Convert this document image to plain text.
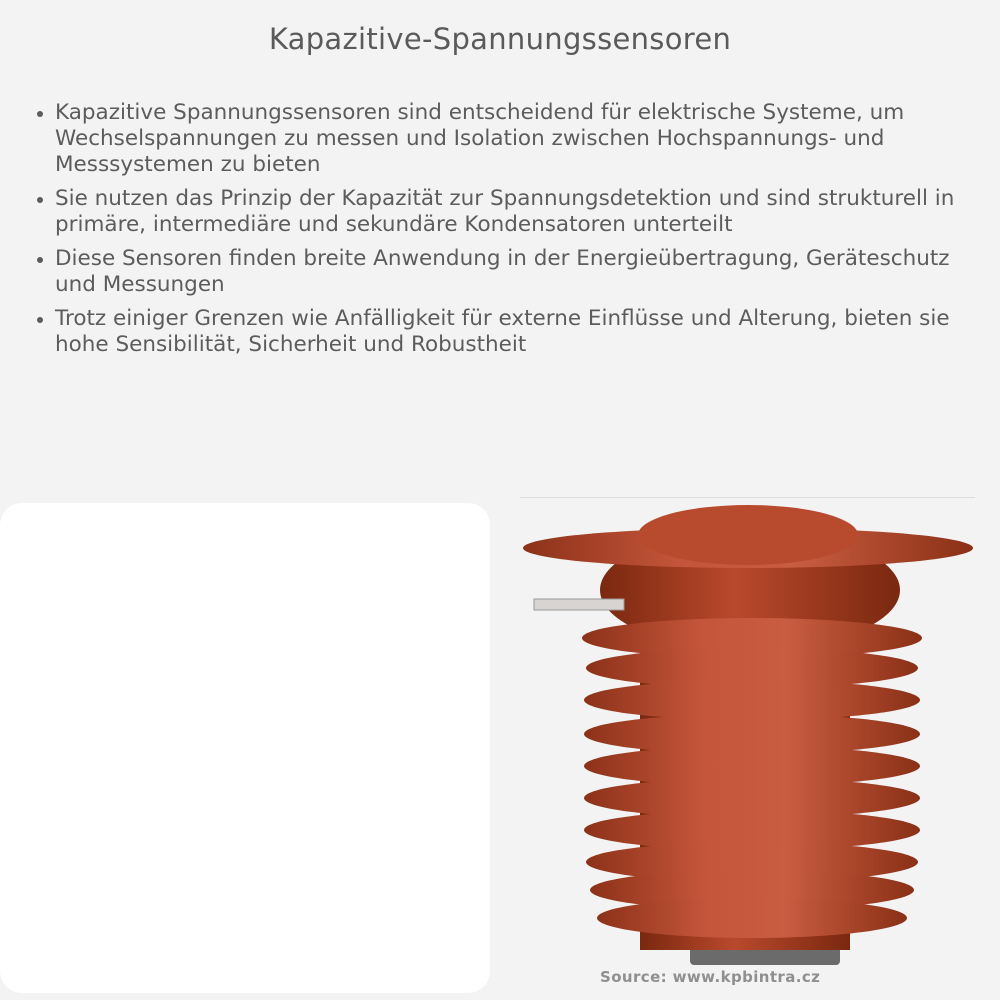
Kapazitive-Spannungssensoren
Kapazitive Spannungssensoren sind entscheidend für elektrische Systeme, um Wechselspannungen zu messen und Isolation zwischen Hochspannungs- und Messsystemen zu bieten
Sie nutzen das Prinzip der Kapazität zur Spannungsdetektion und sind strukturell in primäre, intermediäre und sekundäre Kondensatoren unterteilt
Diese Sensoren finden breite Anwendung in der Energieübertragung, Geräteschutz und Messungen
Trotz einiger Grenzen wie Anfälligkeit für externe Einflüsse und Alterung, bieten sie hohe Sensibilität, Sicherheit und Robustheit
Source: www.kpbintra.cz
